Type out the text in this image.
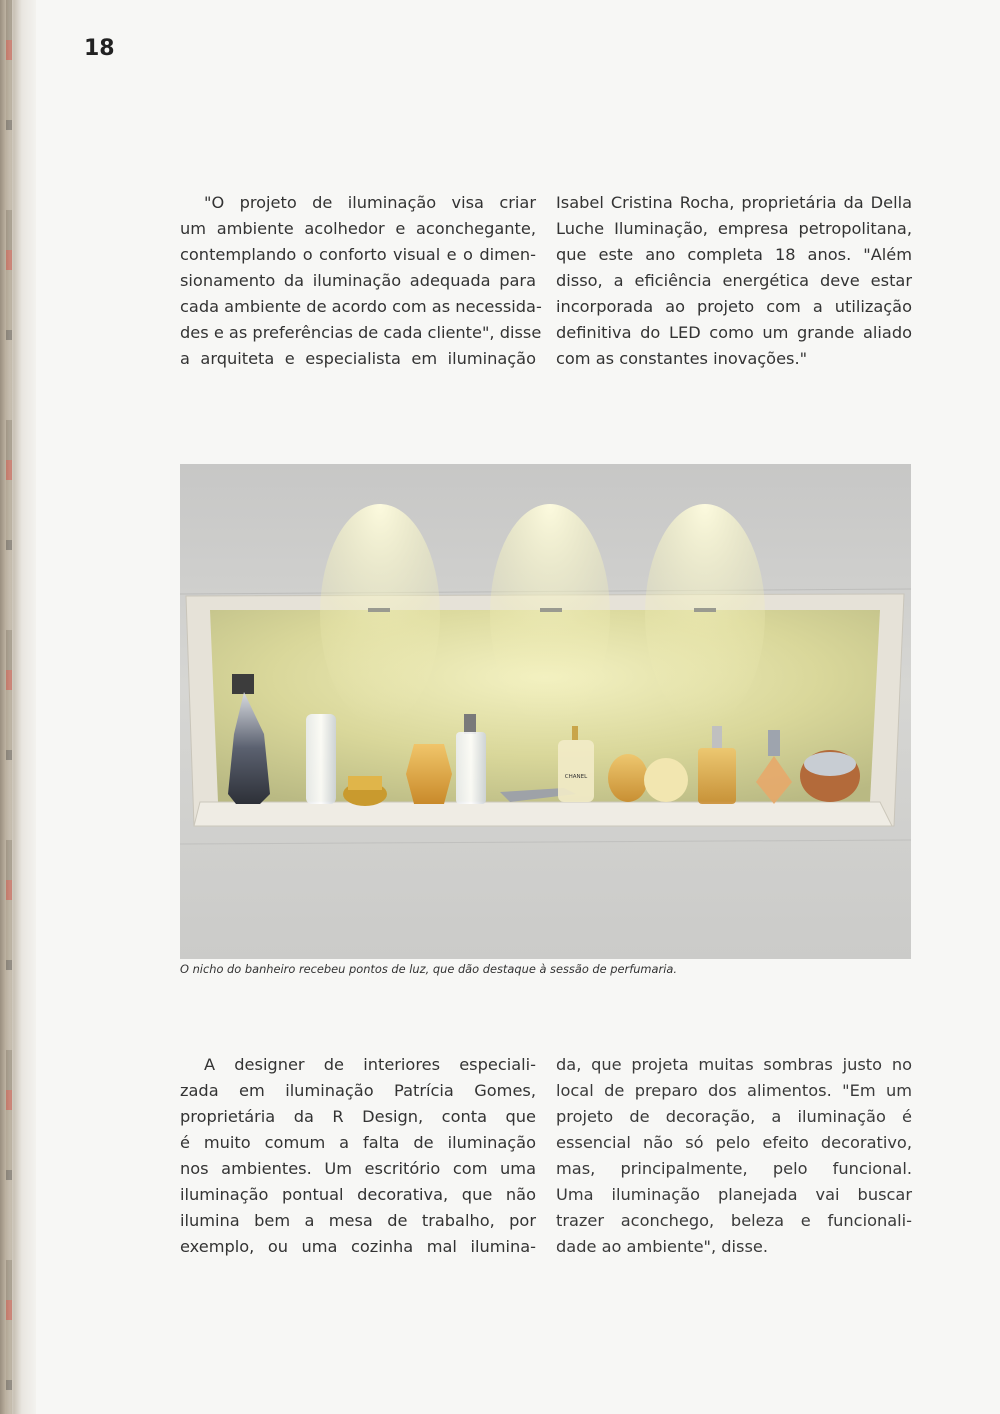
18
"O projeto de iluminação visa criar
um ambiente acolhedor e aconchegante,
contemplando o conforto visual e o dimen-
sionamento da iluminação adequada para
cada ambiente de acordo com as necessida-
des e as preferências de cada cliente", disse
a arquiteta e especialista em iluminação
Isabel Cristina Rocha, proprietária da Della
Luche Iluminação, empresa petropolitana,
que este ano completa 18 anos. "Além
disso, a eficiência energética deve estar
incorporada ao projeto com a utilização
definitiva do LED como um grande aliado
com as constantes inovações."
CHANEL
O nicho do banheiro recebeu pontos de luz, que dão destaque à sessão de perfumaria.
A designer de interiores especiali-
zada em iluminação Patrícia Gomes,
proprietária da R Design, conta que
é muito comum a falta de iluminação
nos ambientes. Um escritório com uma
iluminação pontual decorativa, que não
ilumina bem a mesa de trabalho, por
exemplo, ou uma cozinha mal ilumina-
da, que projeta muitas sombras justo no
local de preparo dos alimentos. "Em um
projeto de decoração, a iluminação é
essencial não só pelo efeito decorativo,
mas, principalmente, pelo funcional.
Uma iluminação planejada vai buscar
trazer aconchego, beleza e funcionali-
dade ao ambiente", disse.
